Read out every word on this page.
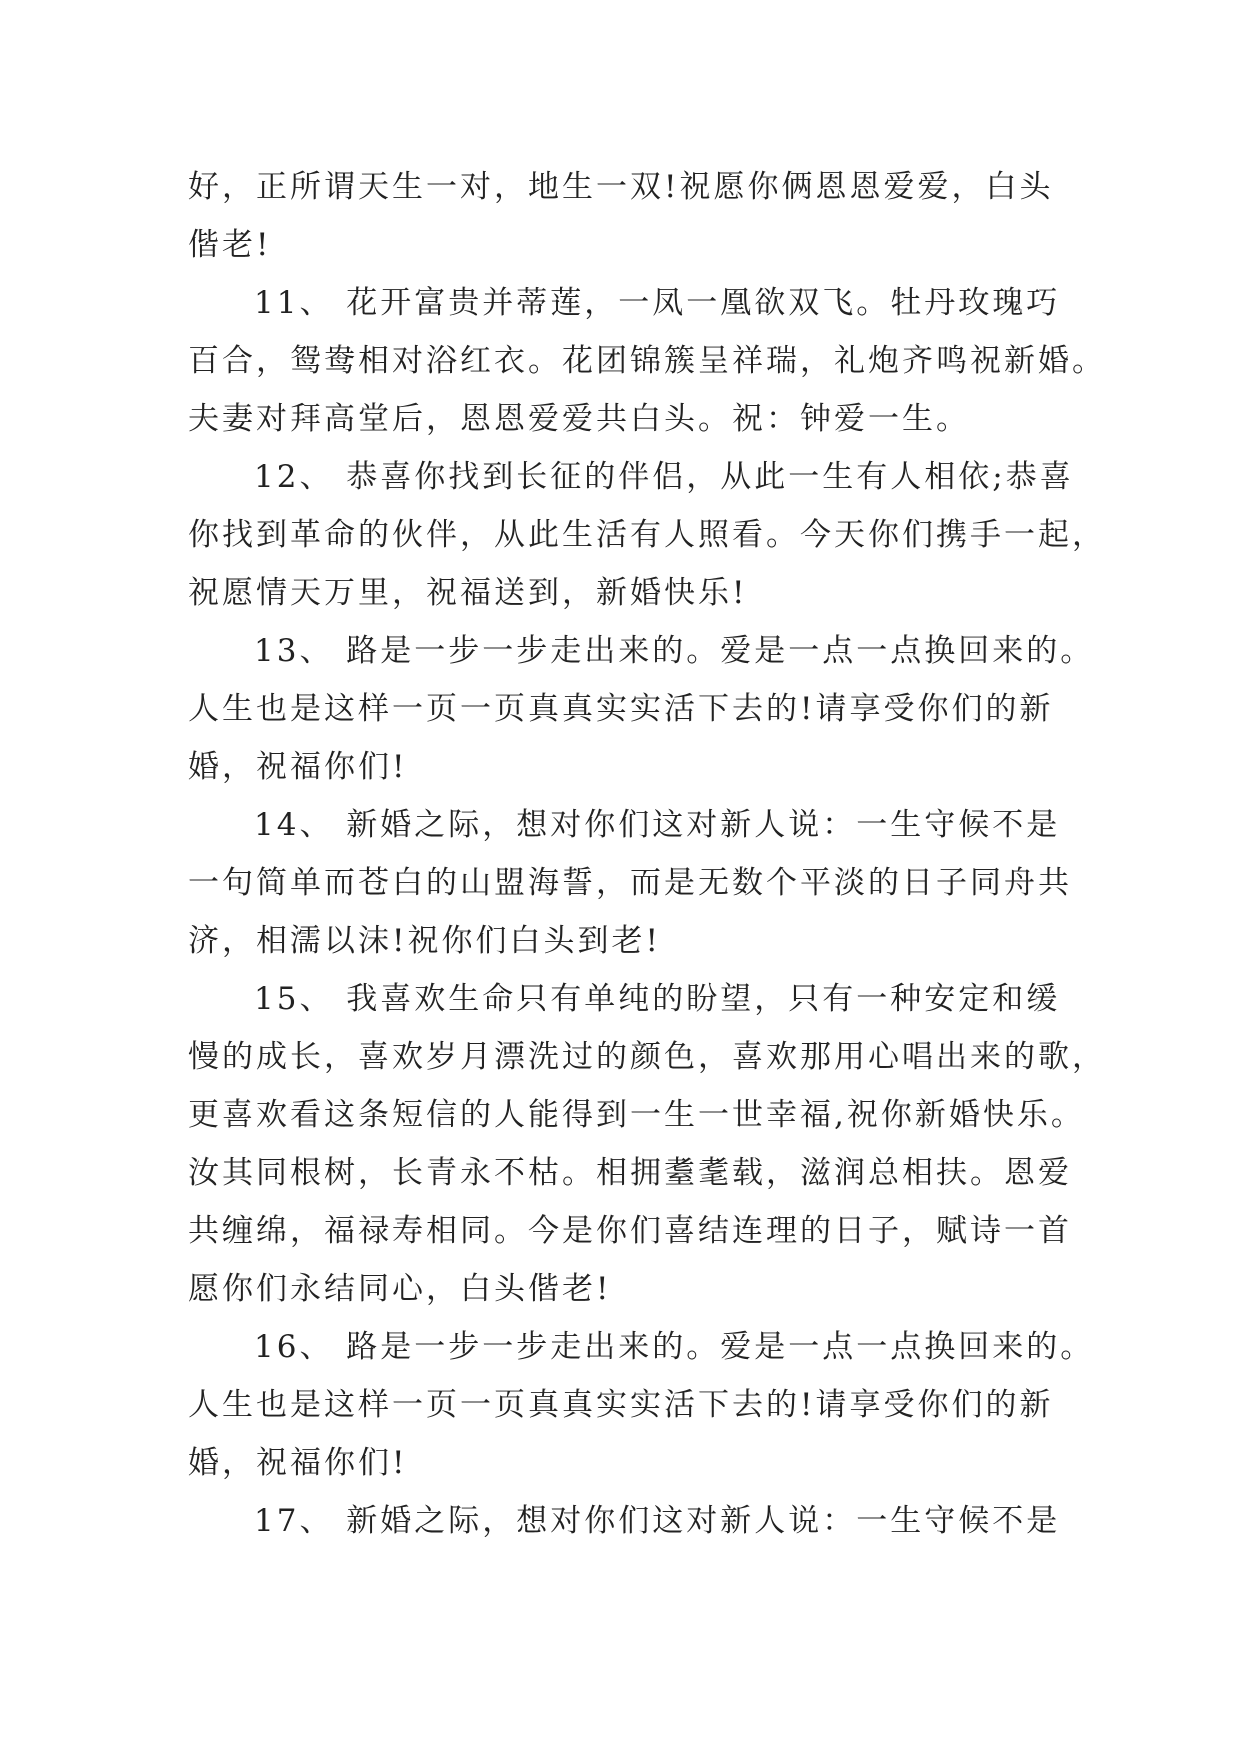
好，正所谓天生一对，地生一双!祝愿你俩恩恩爱爱，白头
偕老!
11、 花开富贵并蒂莲，一凤一凰欲双飞。牡丹玫瑰巧
百合，鸳鸯相对浴红衣。花团锦簇呈祥瑞，礼炮齐鸣祝新婚。
夫妻对拜高堂后，恩恩爱爱共白头。祝：钟爱一生。
12、 恭喜你找到长征的伴侣，从此一生有人相依;恭喜
你找到革命的伙伴，从此生活有人照看。今天你们携手一起，
祝愿情天万里，祝福送到，新婚快乐!
13、 路是一步一步走出来的。爱是一点一点换回来的。
人生也是这样一页一页真真实实活下去的!请享受你们的新
婚，祝福你们!
14、 新婚之际，想对你们这对新人说：一生守候不是
一句简单而苍白的山盟海誓，而是无数个平淡的日子同舟共
济，相濡以沫!祝你们白头到老!
15、 我喜欢生命只有单纯的盼望，只有一种安定和缓
慢的成长，喜欢岁月漂洗过的颜色，喜欢那用心唱出来的歌，
更喜欢看这条短信的人能得到一生一世幸福,祝你新婚快乐。
汝其同根树，长青永不枯。相拥耋耄载，滋润总相扶。恩爱
共缠绵，福禄寿相同。今是你们喜结连理的日子，赋诗一首
愿你们永结同心，白头偕老!
16、 路是一步一步走出来的。爱是一点一点换回来的。
人生也是这样一页一页真真实实活下去的!请享受你们的新
婚，祝福你们!
17、 新婚之际，想对你们这对新人说：一生守候不是
